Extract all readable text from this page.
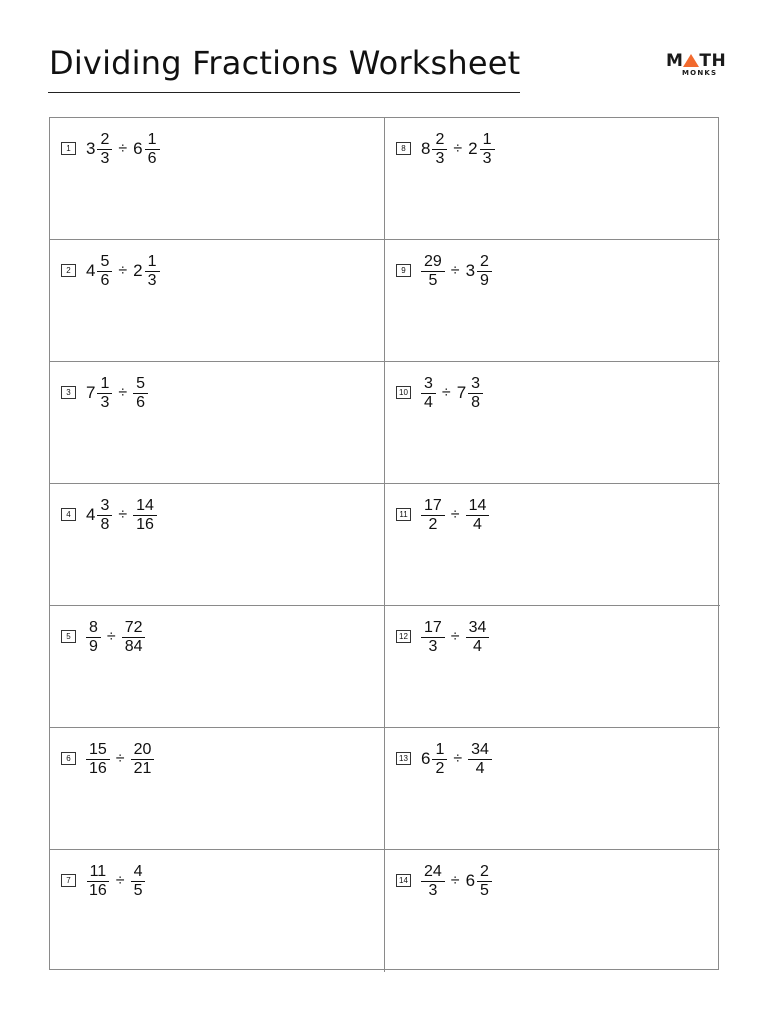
Dividing Fractions Worksheet	M TH
MONKS
1 $3 \frac{2}{3} \div 6 \frac{1}{6}$
2 $4 \frac{5}{6} \div 2 \frac{1}{3}$
3 $7 \frac{1}{3} \div \frac{5}{6}$
4 $4 \frac{3}{8} \div \frac{14}{16}$
$5 \frac{8}{9} \div \frac{72}{84}$
$6 \frac{15}{16} \div \frac{20}{21}$
$7 \frac{11}{16} \div \frac{4}{5}$
8 $8 \frac{2}{3} \div 2 \frac{1}{3}$
$9 \frac{29}{5} \div 3 \frac{2}{9}$
$10 \frac{3}{4} \div 7 \frac{3}{8}$
$11 \frac{17}{2} \div \frac{14}{4}$
$12 \frac{17}{3} \div \frac{34}{4}$
13 $6 \frac{1}{2} \div \frac{34}{4}$
$14 \frac{24}{3} \div 6 \frac{2}{5}$
